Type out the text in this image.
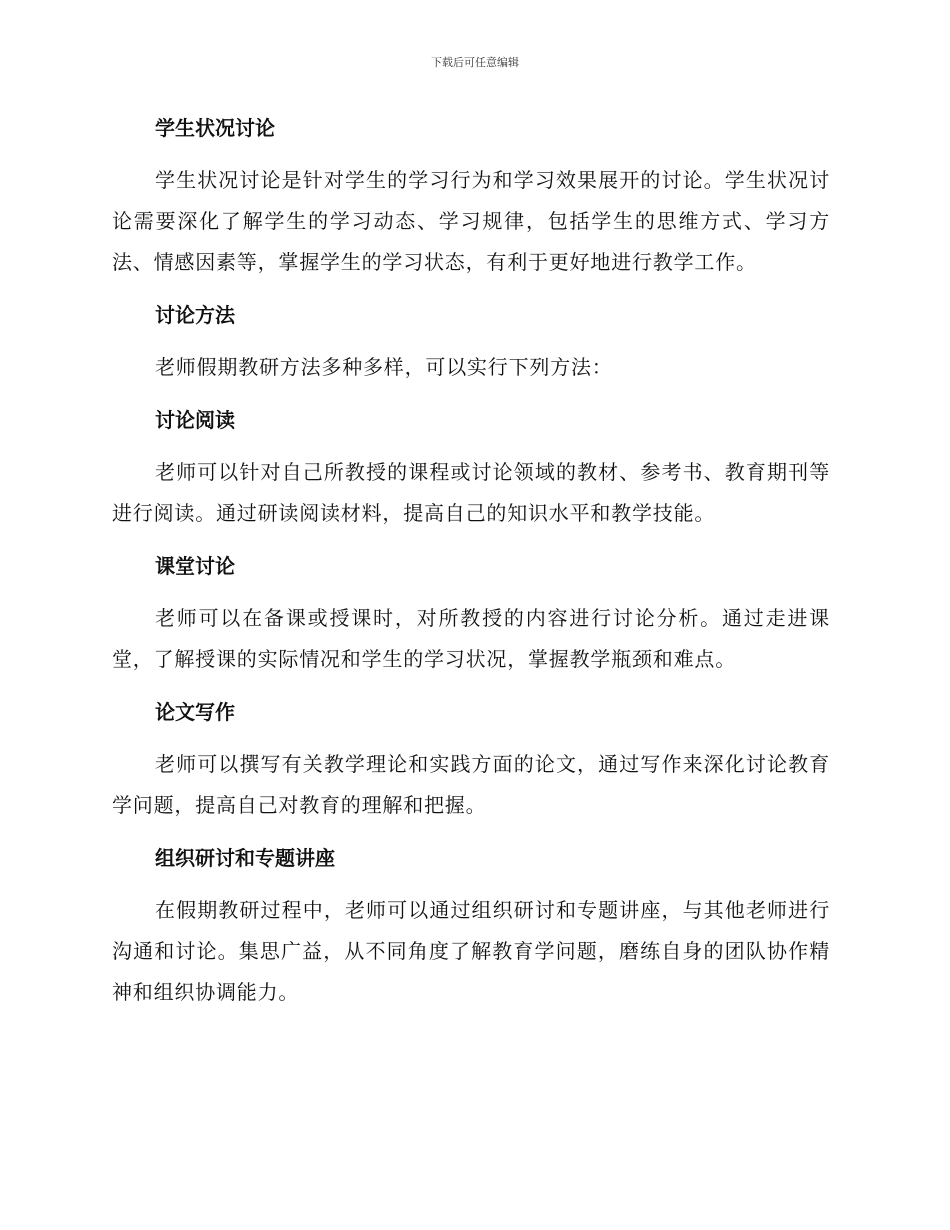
下载后可任意编辑
学生状况讨论

学生状况讨论是针对学生的学习行为和学习效果展开的讨论。学生状况讨论需要深化了解学生的学习动态、学习规律，包括学生的思维方式、学习方法、情感因素等，掌握学生的学习状态，有利于更好地进行教学工作。

讨论方法

老师假期教研方法多种多样，可以实行下列方法：

讨论阅读

老师可以针对自己所教授的课程或讨论领域的教材、参考书、教育期刊等进行阅读。通过研读阅读材料，提高自己的知识水平和教学技能。

课堂讨论

老师可以在备课或授课时，对所教授的内容进行讨论分析。通过走进课堂，了解授课的实际情况和学生的学习状况，掌握教学瓶颈和难点。

论文写作

老师可以撰写有关教学理论和实践方面的论文，通过写作来深化讨论教育学问题，提高自己对教育的理解和把握。

组织研讨和专题讲座

在假期教研过程中，老师可以通过组织研讨和专题讲座，与其他老师进行沟通和讨论。集思广益，从不同角度了解教育学问题，磨练自身的团队协作精神和组织协调能力。
